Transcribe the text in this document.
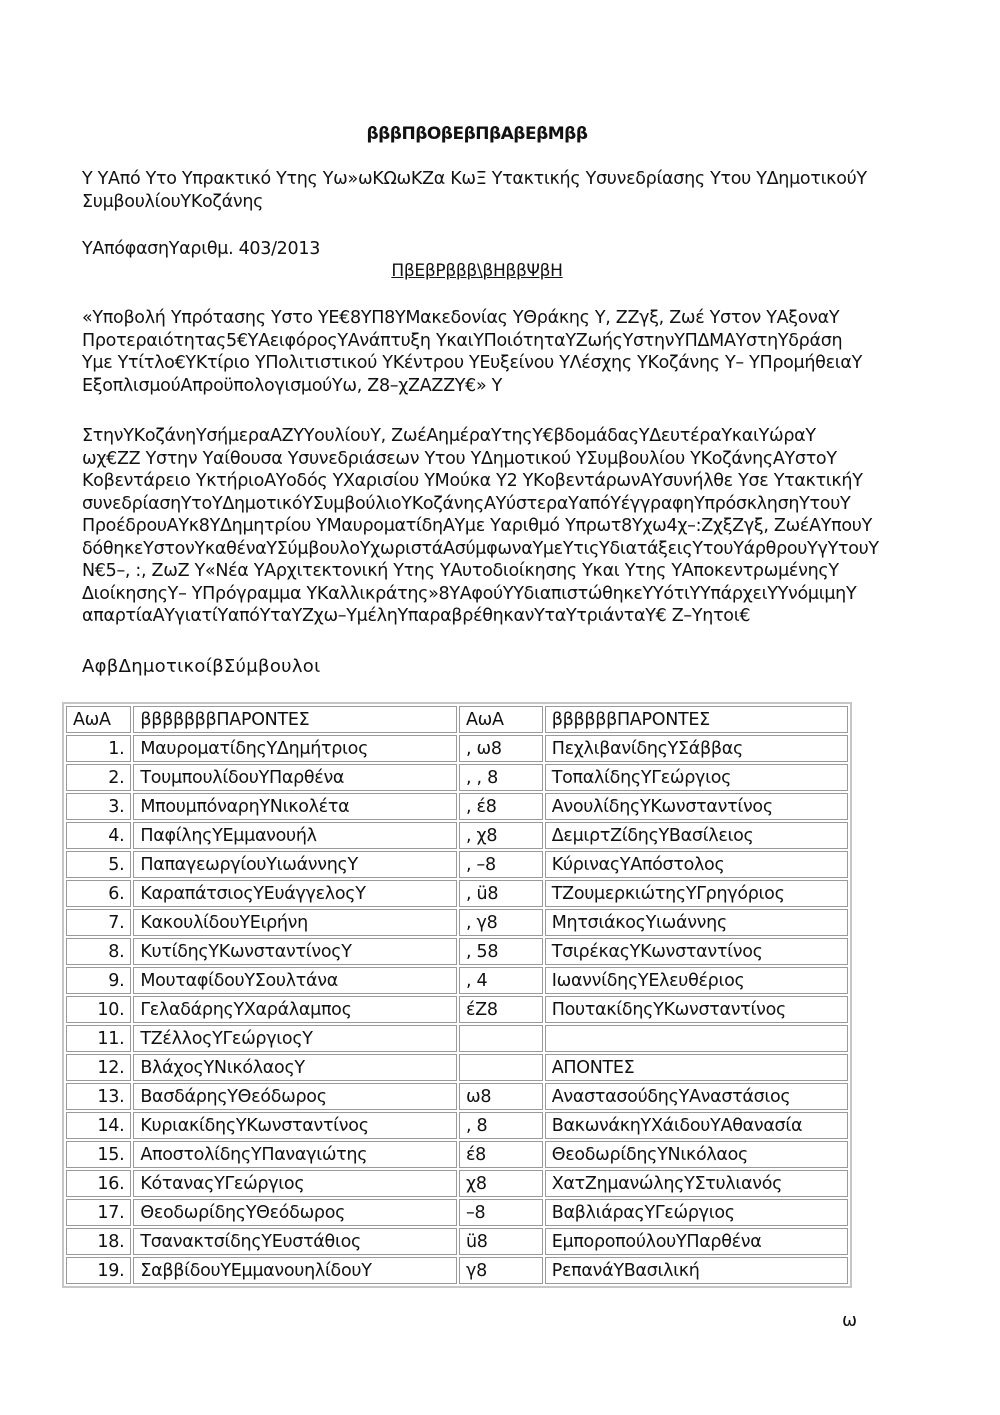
βββΠβΟβΕβΠβΑβΕβΜββ
Υ ΥΑπό Υτο Υπρακτικό Υτης Υω»ωΚΩωΚΖα ΚωΞ Υτακτικής Υσυνεδρίασης Υτου ΥΔημοτικούΥ ΣυμβουλίουΥΚοζάνης
ΥΑπόφασηΥαριθμ. 403/2013
ΠβΕβΡβββ\βΗββΨβΗ
«Υποβολή Υπρότασης Υστο ΥΕ€8ΥΠ8ΥΜακεδονίας ΥΘράκης Υ, ΖΖγξ, Ζωέ Υστον ΥΑξοναΥ Προτεραιότητας5€ΥΑειφόροςΥΑνάπτυξη ΥκαιΥΠοιότηταΥΖωήςΥστηνΥΠΔΜΑΥστηΥδράση Υμε Υτίτλο€ΥΚτίριο ΥΠολιτιστικού ΥΚέντρου ΥΕυξείνου ΥΛέσχης ΥΚοζάνης Υ– ΥΠρομήθειαΥ ΕξοπλισμούΑπροϋπολογισμούΥω, Z8–χΖΑΖΖΥ€» Υ
ΣτηνΥΚοζάνηΥσήμεραΑΖΥΥουλίουΥ, ΖωέΑημέραΥτηςΥ€βδομάδαςΥΔευτέραΥκαιΥώραΥ ωχ€ΖΖ Υστην Υαίθουσα Υσυνεδριάσεων Υτου ΥΔημοτικού ΥΣυμβουλίου ΥΚοζάνηςΑΥστοΥ Κοβεντάρειο ΥκτήριοΑΥοδός ΥΧαρισίου ΥΜούκα Υ2 ΥΚοβεντάρωνΑΥσυνήλθε Υσε ΥτακτικήΥ συνεδρίασηΥτοΥΔημοτικόΥΣυμβούλιοΥΚοζάνηςΑΥύστεραΥαπόΥέγγραφηΥπρόσκλησηΥτουΥ ΠροέδρουΑΥκ8ΥΔημητρίου ΥΜαυροματίδηΑΥμε Υαριθμό Υπρωτ8Υχω4χ–:ΖχξΖγξ, ΖωέΑΥπουΥ δόθηκεΥστονΥκαθέναΥΣύμβουλοΥχωριστάΑσύμφωναΥμεΥτιςΥδιατάξειςΥτουΥάρθρουΥγΥτουΥ N€5–, :, ΖωΖ Υ«Νέα ΥΑρχιτεκτονική Υτης ΥΑυτοδιοίκησης Υκαι Υτης ΥΑποκεντρωμένηςΥ ΔιοίκησηςΥ– ΥΠρόγραμμα ΥΚαλλικράτης»8ΥΑφούΥΥδιαπιστώθηκεΥΥότιΥΥπάρχειΥΥνόμιμηΥ απαρτίαΑΥγιατίΥαπόΥταΥΖχω–ΥμέληΥπαραβρέθηκανΥταΥτριάνταΥ€ Z–Υητοι€
ΑφβΔημοτικοίβΣύμβουλοι
ΑωΑ	βββββββΠΑΡΟΝΤΕΣ	ΑωΑ	ββββββΠΑΡΟΝΤΕΣ
1.	ΜαυροματίδηςΥΔημήτριος	, ω8	ΠεχλιβανίδηςΥΣάββας
2.	ΤουμπουλίδουΥΠαρθένα	, , 8	ΤοπαλίδηςΥΓεώργιος
3.	ΜπουμπόναρηΥΝικολέτα	, έ8	ΑνουλίδηςΥΚωνσταντίνος
4.	ΠαφίληςΥΕμμανουήλ	, χ8	ΔεμιρτΖίδηςΥΒασίλειος
5.	ΠαπαγεωργίουΥιωάννηςΥ	, –8	ΚύριναςΥΑπόστολος
6.	ΚαραπάτσιοςΥΕυάγγελοςΥ	, ü8	ΤΖουμερκιώτηςΥΓρηγόριος
7.	ΚακουλίδουΥΕιρήνη	, γ8	ΜητσιάκοςΥιωάννης
8.	ΚυτίδηςΥΚωνσταντίνοςΥ	, 58	ΤσιρέκαςΥΚωνσταντίνος
9.	ΜουταφίδουΥΣουλτάνα	, 4	ΙωαννίδηςΥΕλευθέριος
10.	ΓελαδάρηςΥΧαράλαμπος	έZ8	ΠουτακίδηςΥΚωνσταντίνος
11.	ΤΖέλλοςΥΓεώργιοςΥ		
12.	ΒλάχοςΥΝικόλαοςΥ		ΑΠΟΝΤΕΣ
13.	ΒασδάρηςΥΘεόδωρος	ω8	ΑναστασούδηςΥΑναστάσιος
14.	ΚυριακίδηςΥΚωνσταντίνος	, 8	ΒακωνάκηΥΧάιδουΥΑθανασία
15.	ΑποστολίδηςΥΠαναγιώτης	έ8	ΘεοδωρίδηςΥΝικόλαος
16.	ΚόταναςΥΓεώργιος	χ8	ΧατΖημανώληςΥΣτυλιανός
17.	ΘεοδωρίδηςΥΘεόδωρος	–8	ΒαβλιάραςΥΓεώργιος
18.	ΤσανακτσίδηςΥΕυστάθιος	ü8	ΕμποροπούλουΥΠαρθένα
19.	ΣαββίδουΥΕμμανουηλίδουΥ	γ8	ΡεπανάΥΒασιλική
ω
